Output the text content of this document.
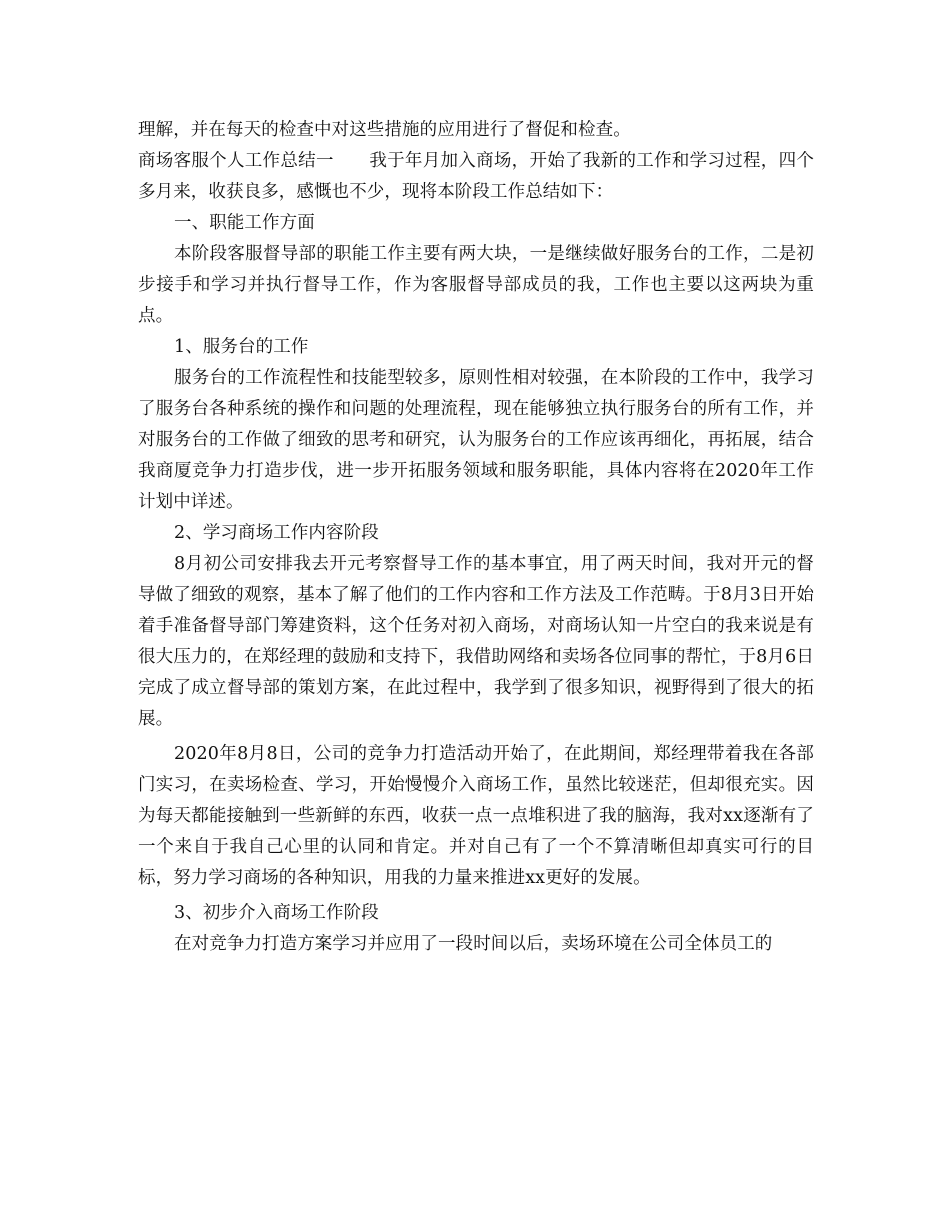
理解，并在每天的检查中对这些措施的应用进行了督促和检查。

商场客服个人工作总结一　　我于年月加入商场，开始了我新的工作和学习过程，四个多月来，收获良多，感慨也不少，现将本阶段工作总结如下：

一、职能工作方面

本阶段客服督导部的职能工作主要有两大块，一是继续做好服务台的工作，二是初步接手和学习并执行督导工作，作为客服督导部成员的我，工作也主要以这两块为重点。

1、服务台的工作

服务台的工作流程性和技能型较多，原则性相对较强，在本阶段的工作中，我学习了服务台各种系统的操作和问题的处理流程，现在能够独立执行服务台的所有工作，并对服务台的工作做了细致的思考和研究，认为服务台的工作应该再细化，再拓展，结合我商厦竞争力打造步伐，进一步开拓服务领域和服务职能，具体内容将在2020年工作计划中详述。

2、学习商场工作内容阶段

8月初公司安排我去开元考察督导工作的基本事宜，用了两天时间，我对开元的督导做了细致的观察，基本了解了他们的工作内容和工作方法及工作范畴。于8月3日开始着手准备督导部门筹建资料，这个任务对初入商场，对商场认知一片空白的我来说是有很大压力的，在郑经理的鼓励和支持下，我借助网络和卖场各位同事的帮忙，于8月6日完成了成立督导部的策划方案，在此过程中，我学到了很多知识，视野得到了很大的拓展。

2020年8月8日，公司的竞争力打造活动开始了，在此期间，郑经理带着我在各部门实习，在卖场检查、学习，开始慢慢介入商场工作，虽然比较迷茫，但却很充实。因为每天都能接触到一些新鲜的东西，收获一点一点堆积进了我的脑海，我对xx逐渐有了一个来自于我自己心里的认同和肯定。并对自己有了一个不算清晰但却真实可行的目标，努力学习商场的各种知识，用我的力量来推进xx更好的发展。

3、初步介入商场工作阶段

在对竞争力打造方案学习并应用了一段时间以后，卖场环境在公司全体员工的
